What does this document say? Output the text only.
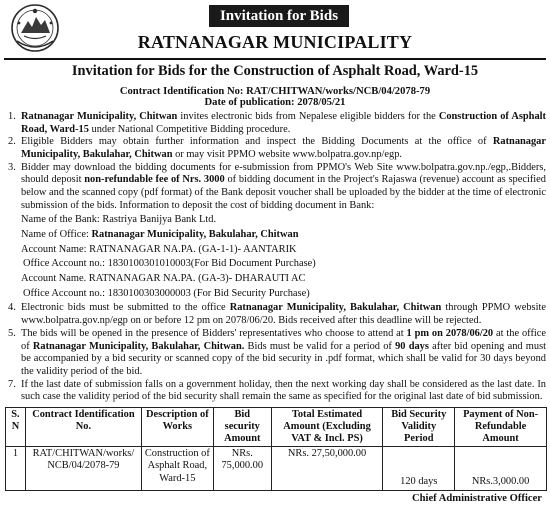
Invitation for Bids
RATNANAGAR MUNICIPALITY
Invitation for Bids for the Construction of Asphalt Road, Ward-15
Contract Identification No: RAT/CHITWAN/works/NCB/04/2078-79
Date of publication: 2078/05/21
1. Ratnanagar Municipality, Chitwan invites electronic bids from Nepalese eligible bidders for the Construction of Asphalt Road, Ward-15 under National Competitive Bidding procedure.
2. Eligible Bidders may obtain further information and inspect the Bidding Documents at the office of Ratnanagar Municipality, Bakulahar, Chitwan or may visit PPMO website www.bolpatra.gov.np/egp.
3. Bidder may download the bidding documents for e-submission from PPMO's Web Site www.bolpatra.gov.np./egp,.Bidders, should deposit non-refundable fee of Nrs. 3000 of bidding document in the Project's Rajaswa (revenue) account as specified below and the scanned copy (pdf format) of the Bank deposit voucher shall be uploaded by the bidder at the time of electronic submission of the bids. Information to deposit the cost of bidding document in Bank:
Name of the Bank: Rastriya Banijya Bank Ltd.
Name of Office: Ratnanagar Municipality, Bakulahar, Chitwan
Account Name: RATNANAGAR NA.PA. (GA-1-1)- AANTARIK
Office Account no.: 1830100301010003(For Bid Document Purchase)
Account Name. RATNANAGAR NA.PA. (GA-3)- DHARAUTI AC
Office Account no.: 1830100303000003 (For Bid Security Purchase)
4. Electronic bids must be submitted to the office Ratnanagar Municipality, Bakulahar, Chitwan through PPMO website www.bolpatra.gov.np/egp on or before 12 pm on 2078/06/20. Bids received after this deadline will be rejected.
5. The bids will be opened in the presence of Bidders' representatives who choose to attend at 1 pm on 2078/06/20 at the office of Ratnanagar Municipality, Bakulahar, Chitwan. Bids must be valid for a period of 90 days after bid opening and must be accompanied by a bid security or scanned copy of the bid security in .pdf format, which shall be valid for 30 days beyond the validity period of the bid.
7. If the last date of submission falls on a government holiday, then the next working day shall be considered as the last date. In such case the validity period of the bid security shall remain the same as specified for the original last date of bid submission.
S. N	Contract Identification No.	Description of Works	Bid security Amount	Total Estimated Amount (Excluding VAT & Incl. PS)	Bid Security Validity Period	Payment of Non-Refundable Amount
1	RAT/CHITWAN/works/ NCB/04/2078-79	Construction of Asphalt Road, Ward-15	NRs. 75,000.00	NRs. 27,50,000.00	120 days	NRs.3,000.00
Chief Administrative Officer
